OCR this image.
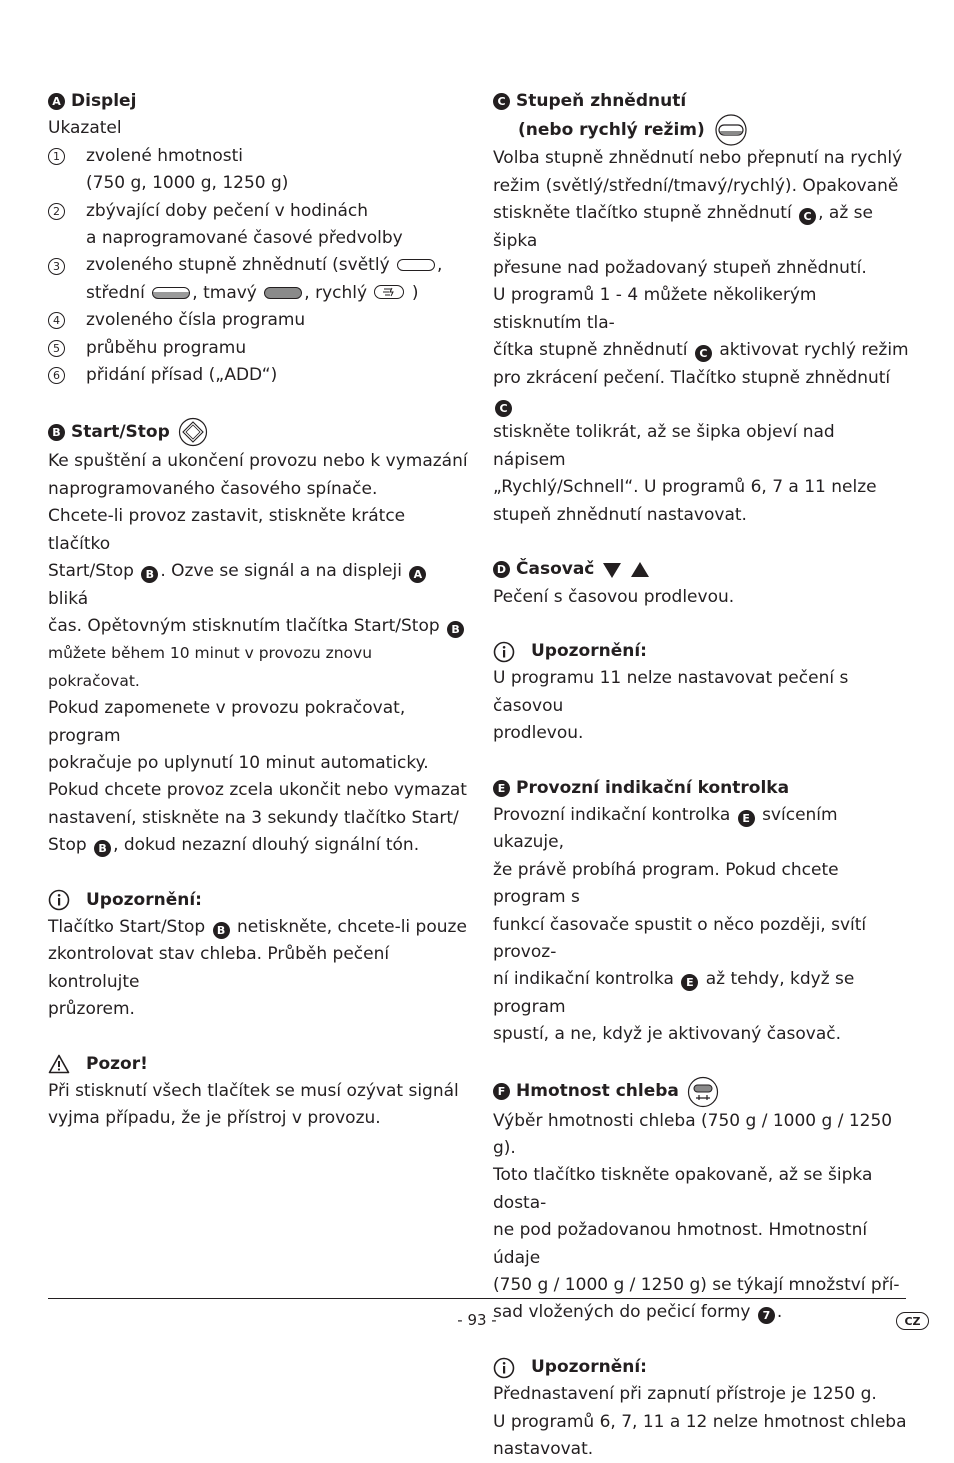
A Displej

Ukazatel

1 zvolené hmotnosti

(750 g, 1000 g, 1250 g)

2 zbývající doby pečení v hodinách

a naprogramované časové předvolby

3 zvoleného stupně zhnědnutí (světlý	,

střední	, tmavý	, rychlý	)

4 zvoleného čísla programu

5 průběhu programu

6 přidání přísad („ADD“)

B Start/Stop

Ke spuštění a ukončení provozu nebo k vymazání

naprogramovaného časového spínače.

Chcete-li provoz zastavit, stiskněte krátce tlačítko

Start/Stop B . Ozve se signál a na displeji Abliká

čas. Opětovným stisknutím tlačítka Start/Stop B

můžete během 10 minut v provozu znovu pokračovat.

Pokud zapomenete v provozu pokračovat, program

pokračuje po uplynutí 10 minut automaticky.

Pokud chcete provoz zcela ukončit nebo vymazat

nastavení, stiskněte na 3 sekundy tlačítko Start/

Stop B , dokud nezazní dlouhý signální tón.

Upozornění:

Tlačítko Start/Stop B netiskněte, chcete-li pouze

zkontrolovat stav chleba. Průběh pečení kontrolujte

průzorem.

Pozor!

Při stisknutí všech tlačítek se musí ozývat signál

vyjma případu, že je přístroj v provozu.

C Stupeň zhnědnutí

(nebo rychlý režim)

Volba stupně zhnědnutí nebo přepnutí na rychlý

režim (světlý/střední/tmavý/rychlý). Opakovaně

stiskněte tlačítko stupně zhnědnutí C , až se šipka

přesune nad požadovaný stupeň zhnědnutí.

U programů 1 - 4 můžete několikerým stisknutím tla-

čítka stupně zhnědnutí C aktivovat rychlý režim

pro zkrácení pečení. Tlačítko stupně zhnědnutí C

stiskněte tolikrát, až se šipka objeví nad nápisem

„Rychlý/Schnell“. U programů 6, 7 a 11 nelze

stupeň zhnědnutí nastavovat.

D Časovač

Pečení s časovou prodlevou.

Upozornění:

U programu 11 nelze nastavovat pečení s časovou

prodlevou.

E Provozní indikační kontrolka

Provozní indikační kontrolka E svícením ukazuje,

že právě probíhá program. Pokud chcete program s

funkcí časovače spustit o něco později, svítí provoz-

ní indikační kontrolka E až tehdy, když se program

spustí, a ne, když je aktivovaný časovač.

F Hmotnost chleba

Výběr hmotnosti chleba (750 g / 1000 g / 1250 g).

Toto tlačítko tiskněte opakovaně, až se šipka dosta-

ne pod požadovanou hmotnost. Hmotnostní údaje

(750 g / 1000 g / 1250 g) se týkají množství pří-

sad vložených do pečicí formy 7 .

Upozornění:

Přednastavení při zapnutí přístroje je 1250 g.

U programů 6, 7, 11 a 12 nelze hmotnost chleba

nastavovat.

- 93 -	CZ
